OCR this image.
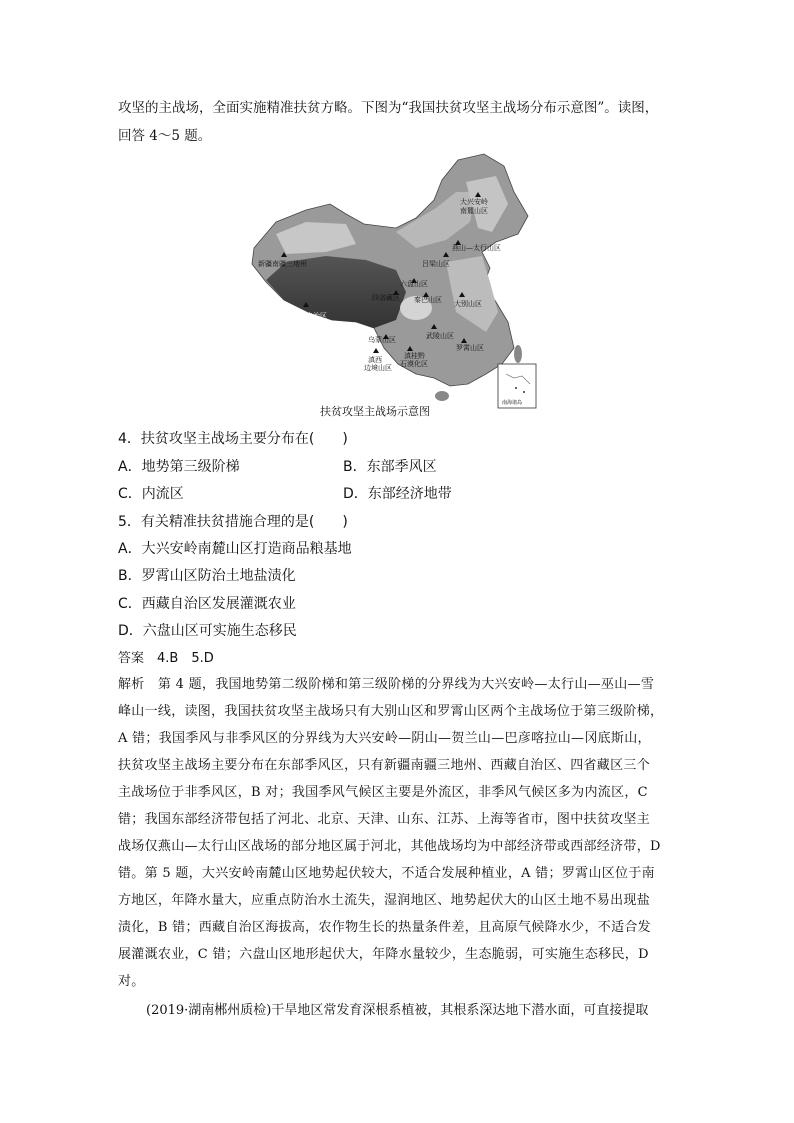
攻坚的主战场，全面实施精准扶贫方略。下图为“我国扶贫攻坚主战场分布示意图”。读图，
回答 4～5 题。
南海诸岛
大兴安岭
南麓山区
燕山—太行山区
吕梁山区
新疆南疆三地州
六盘山区
四省藏区 秦巴山区 大别山区
西藏自治区
武陵山区
乌蒙山区
罗霄山区
滇西
边境山区
滇桂黔
石漠化区
扶贫攻坚主战场示意图
4．扶贫攻坚主战场主要分布在(　　)
A．地势第三级阶梯	B．东部季风区
C．内流区	D．东部经济地带
5．有关精准扶贫措施合理的是(　　)
A．大兴安岭南麓山区打造商品粮基地
B．罗霄山区防治土地盐渍化
C．西藏自治区发展灌溉农业
D．六盘山区可实施生态移民
答案　4.B　5.D
解析　第 4 题，我国地势第二级阶梯和第三级阶梯的分界线为大兴安岭—太行山—巫山—雪
峰山一线，读图，我国扶贫攻坚主战场只有大别山区和罗霄山区两个主战场位于第三级阶梯，
A 错；我国季风与非季风区的分界线为大兴安岭—阴山—贺兰山—巴彦喀拉山—冈底斯山，
扶贫攻坚主战场主要分布在东部季风区，只有新疆南疆三地州、西藏自治区、四省藏区三个
主战场位于非季风区，B 对；我国季风气候区主要是外流区，非季风气候区多为内流区，C
错；我国东部经济带包括了河北、北京、天津、山东、江苏、上海等省市，图中扶贫攻坚主
战场仅燕山—太行山区战场的部分地区属于河北，其他战场均为中部经济带或西部经济带，D
错。第 5 题，大兴安岭南麓山区地势起伏较大，不适合发展种植业，A 错；罗霄山区位于南
方地区，年降水量大，应重点防治水土流失，湿润地区、地势起伏大的山区土地不易出现盐
渍化，B 错；西藏自治区海拔高，农作物生长的热量条件差，且高原气候降水少，不适合发
展灌溉农业，C 错；六盘山区地形起伏大，年降水量较少，生态脆弱，可实施生态移民，D
对。
(2019·湖南郴州质检)干旱地区常发育深根系植被，其根系深达地下潜水面，可直接提取
